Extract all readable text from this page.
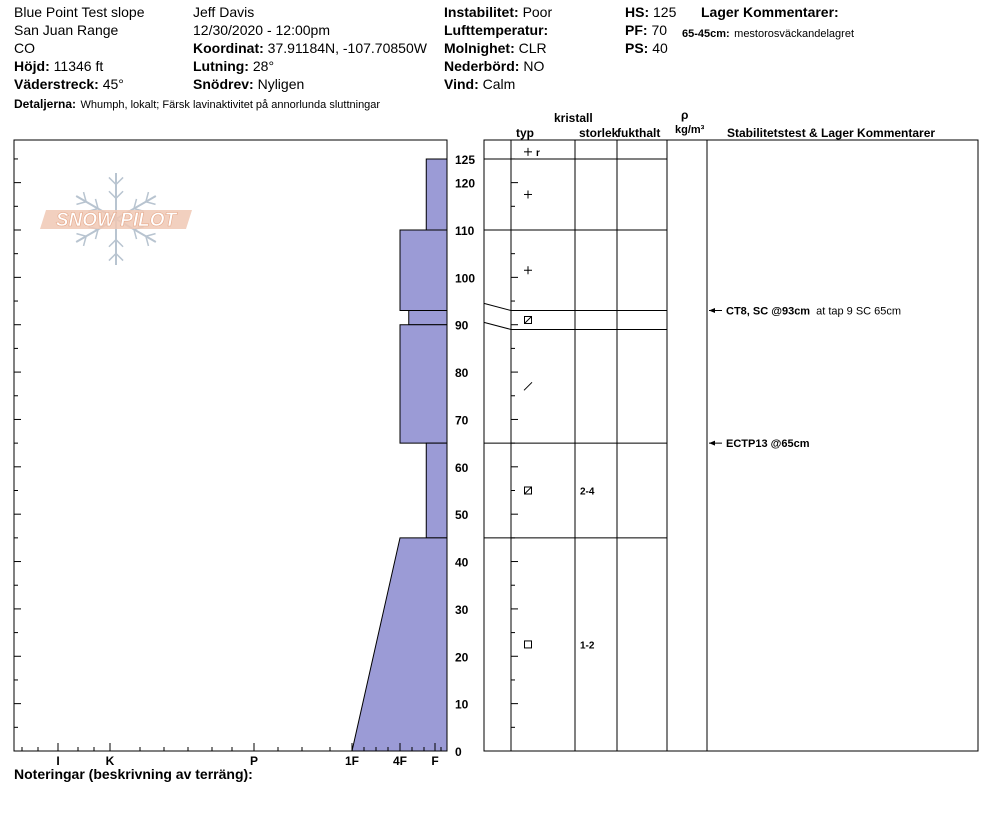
Blue Point Test slope
San Juan Range
CO
Höjd: 11346 ft
Väderstreck: 45°
Detaljerna: Whumph, lokalt; Färsk lavinaktivitet på annorlunda sluttningar
Jeff Davis
12/30/2020 - 12:00pm
Koordinat: 37.91184N, -107.70850W
Lutning: 28°
Snödrev: Nyligen
Instabilitet: Poor
Lufttemperatur:
Molnighet: CLR
Nederbörd: NO
Vind: Calm
HS: 125
PF: 70
PS: 40
Lager Kommentarer:
65-45cm: mestorosväckandelagret
kristall
typ	storlek
fukthalt
ρ
kg/m³ Stabilitetstest & Lager Kommentarer
SNOW PILOT
I	K	P	1F	4F F
0
10
20
30
40
50
60
70
80
90
100
110
120
125	r
2-4
1-2
CT8, SC @93cm at tap 9 SC 65cm
ECTP13 @65cm
Noteringar (beskrivning av terräng):
